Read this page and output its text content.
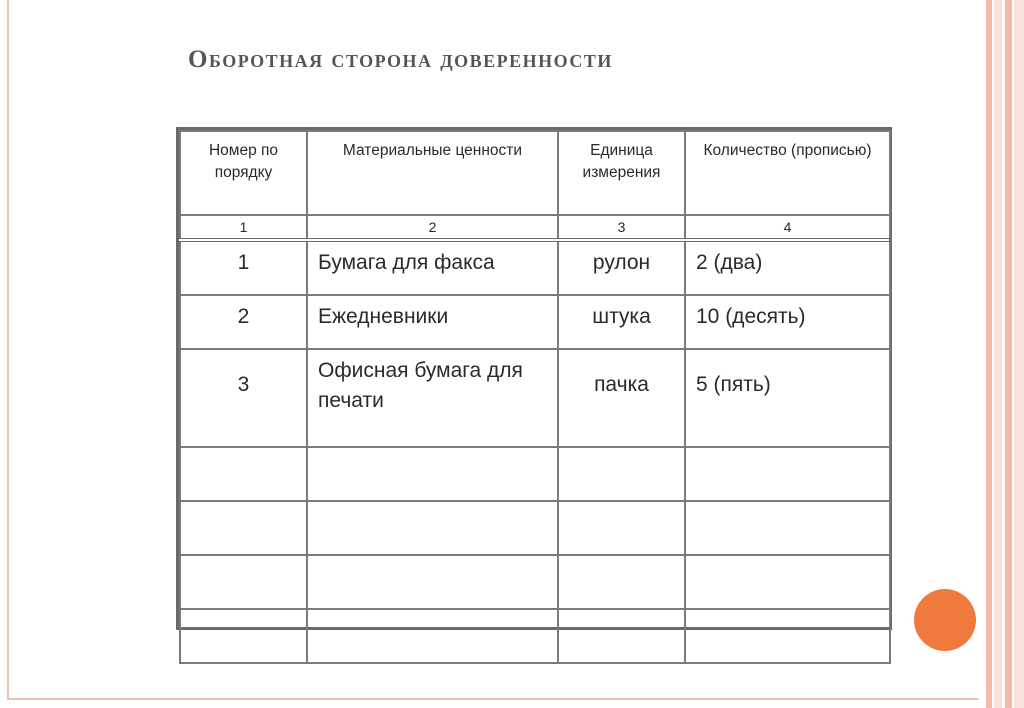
Оборотная сторона доверенности
Номер по порядку	Материальные ценности	Единица измерения	Количество (прописью)
1	2	3	4
1	Бумага для факса	рулон	2 (два)
2	Ежедневники	штука	10 (десять)
3	Офисная бумага для печати	пачка	5 (пять)
